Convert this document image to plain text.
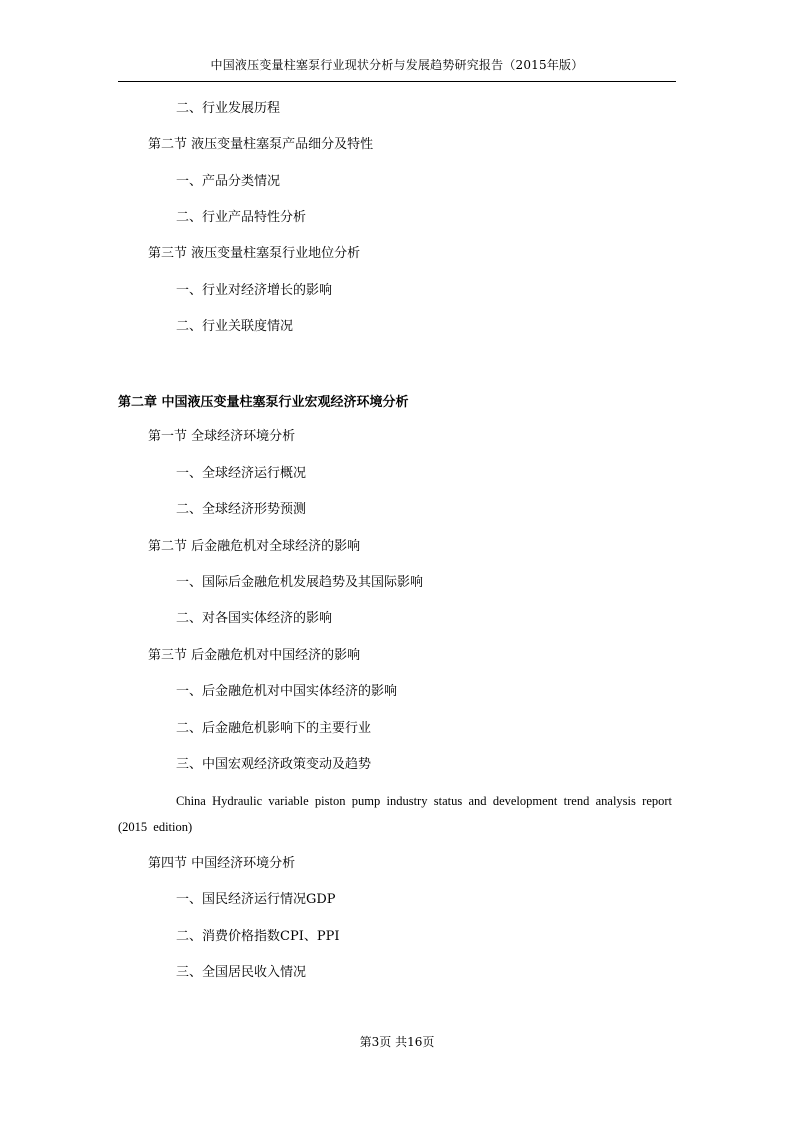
中国液压变量柱塞泵行业现状分析与发展趋势研究报告（2015年版）
二、行业发展历程
第二节 液压变量柱塞泵产品细分及特性
一、产品分类情况
二、行业产品特性分析
第三节 液压变量柱塞泵行业地位分析
一、行业对经济增长的影响
二、行业关联度情况
第二章 中国液压变量柱塞泵行业宏观经济环境分析
第一节 全球经济环境分析
一、全球经济运行概况
二、全球经济形势预测
第二节 后金融危机对全球经济的影响
一、国际后金融危机发展趋势及其国际影响
二、对各国实体经济的影响
第三节 后金融危机对中国经济的影响
一、后金融危机对中国实体经济的影响
二、后金融危机影响下的主要行业
三、中国宏观经济政策变动及趋势
China Hydraulic variable piston pump industry status and development trend analysis report (2015 edition)
第四节 中国经济环境分析
一、国民经济运行情况GDP
二、消费价格指数CPI、PPI
三、全国居民收入情况
第3页 共16页
